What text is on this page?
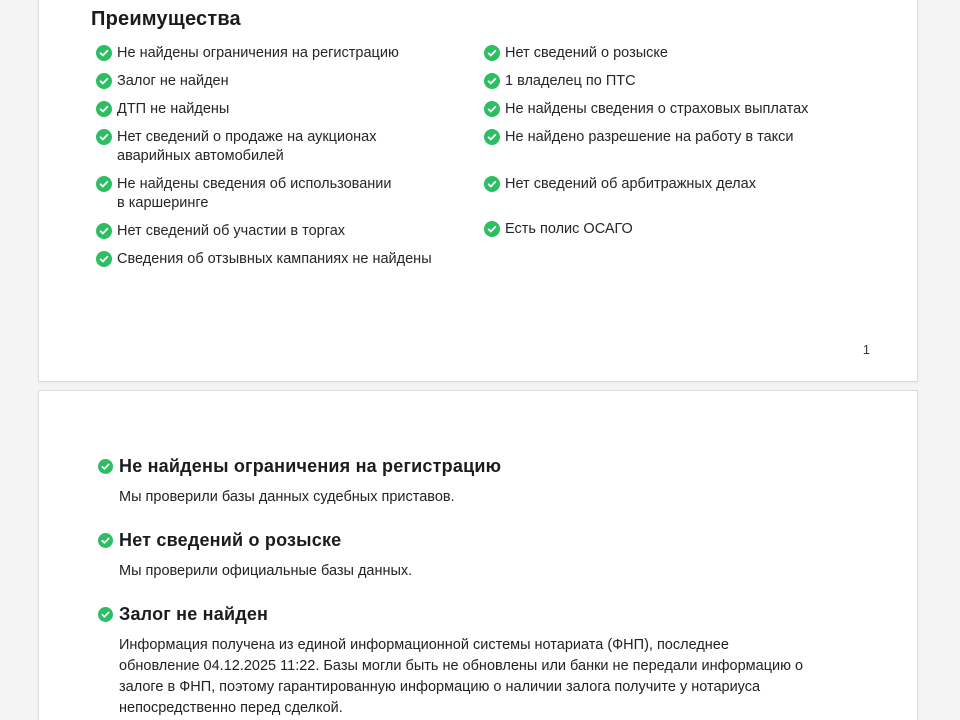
Преимущества
Не найдены ограничения на регистрацию
Залог не найден
ДТП не найдены
Нет сведений о продаже на аукционах аварийных автомобилей
Не найдены сведения об использовании в каршеринге
Нет сведений об участии в торгах
Сведения об отзывных кампаниях не найдены
Нет сведений о розыске
1 владелец по ПТС
Не найдены сведения о страховых выплатах
Не найдено разрешение на работу в такси
Нет сведений об арбитражных делах
Есть полис ОСАГО
1
Не найдены ограничения на регистрацию

Мы проверили базы данных судебных приставов.

Нет сведений о розыске

Мы проверили официальные базы данных.

Залог не найден

Информация получена из единой информационной системы нотариата (ФНП), последнее обновление 04.12.2025 11:22. Базы могли быть не обновлены или банки не передали информацию о залоге в ФНП, поэтому гарантированную информацию о наличии залога получите у нотариуса непосредственно перед сделкой.
